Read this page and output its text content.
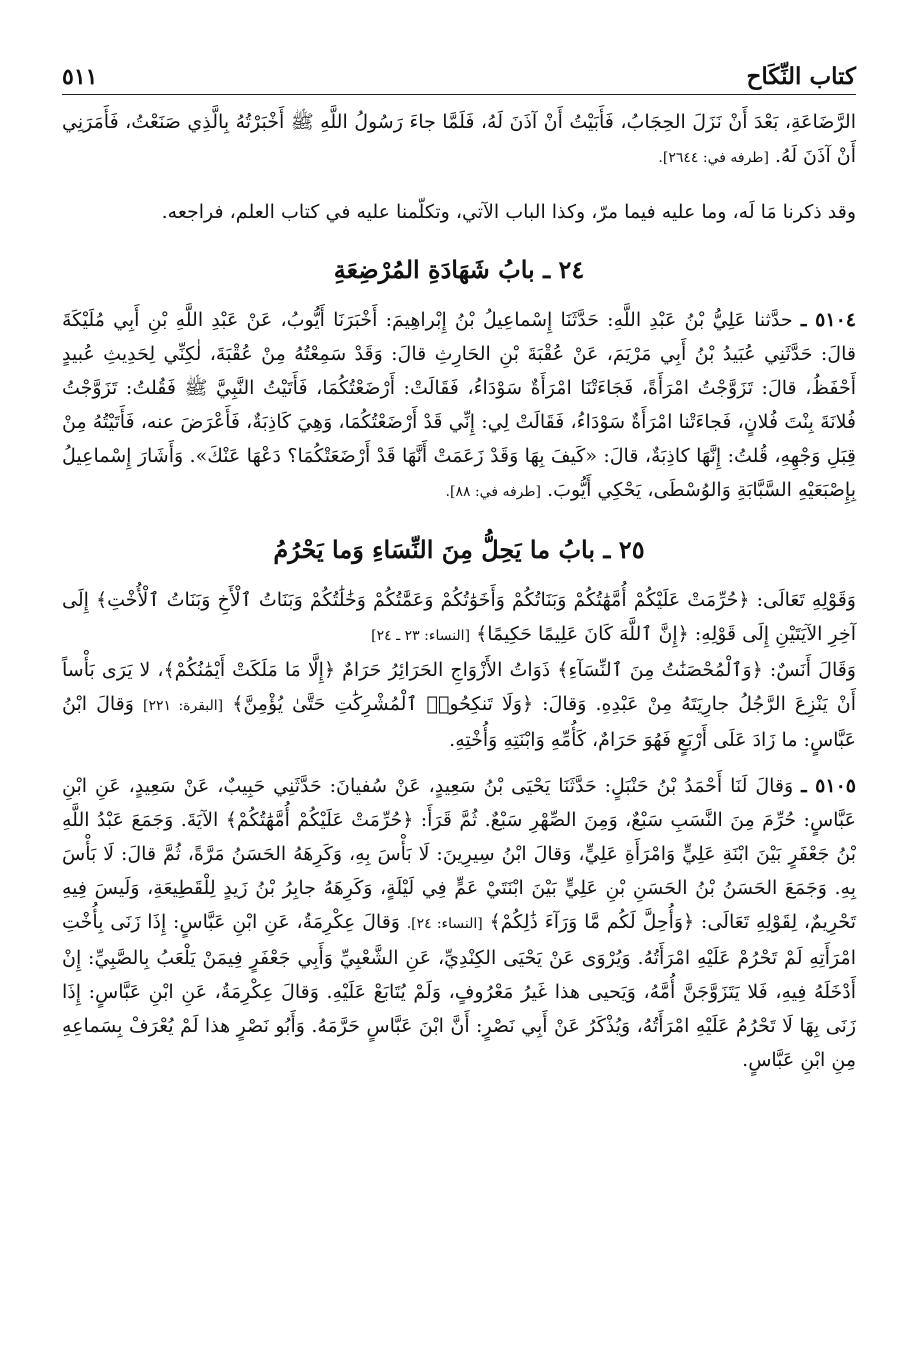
كتاب النِّكَاح
٥١١

الرَّضَاعَةِ، بَعْدَ أَنْ نَزَلَ الحِجَابُ، فَأَبَيْتُ أَنْ آذَنَ لَهُ، فَلَمَّا جاءَ رَسُولُ اللَّهِ ﷺ أَخْبَرْتُهُ بِالَّذِي صَنَعْتُ، فَأَمَرَنِي أَنْ آذَنَ لَهُ. [طرفه في: ٢٦٤٤].

وقد ذكرنا مَا لَه، وما عليه فيما مرّ، وكذا الباب الآتي، وتكلّمنا عليه في كتاب العلم، فراجعه.

٢٤ ـ بابُ شَهَادَةِ المُرْضِعَةِ

٥١٠٤ ـ حدَّثنا عَلِيُّ بْنُ عَبْدِ اللَّهِ: حَدَّثَنَا إِسْماعِيلُ بْنُ إِبْراهِيمَ: أَخْبَرَنَا أَيُّوبُ، عَنْ عَبْدِ اللَّهِ بْنِ أَبِي مُلَيْكَةَ قالَ: حَدَّثَنِي عُبَيدُ بْنُ أَبِي مَرْيَمَ، عَنْ عُقْبَةَ بْنِ الحَارِثِ قالَ: وَقَدْ سَمِعْتُهُ مِنْ عُقْبَةَ، لٰكِنِّي لِحَدِيثِ عُبيدٍ أَحْفَظُ، قالَ: تَزَوَّجْتُ امْرَأَةً، فَجَاءَتْنَا امْرَأَةٌ سَوْدَاءُ، فَقَالَتْ: أَرْضَعْتُكُمَا، فَأَتَيْتُ النَّبِيَّ ﷺ فَقُلتُ: تَزَوَّجْتُ فُلانَةَ بِنْتَ فُلانٍ، فَجاءَتْنا امْرَأَةٌ سَوْدَاءُ، فَقَالَتْ لِي: إِنِّي قَدْ أَرْضَعْتُكُمَا، وَهِيَ كَاذِبَةٌ، فَأَعْرَضَ عنه، فَأَتَيْتُهُ مِنْ قِبَلِ وَجْهِهِ، قُلتُ: إِنَّهَا كاذِبَةٌ، قالَ: «كَيفَ بِهَا وَقَدْ زَعَمَتْ أَنَّهَا قَدْ أَرْضَعَتْكُمَا؟ دَعْهَا عَنْكَ». وَأَشَارَ إِسْماعِيلُ بِإِصْبَعَيْهِ السَّبَّابَةِ وَالوُسْطَى، يَحْكِي أَيُّوبَ. [طرفه في: ٨٨].

٢٥ ـ بابُ ما يَحِلُّ مِنَ النِّسَاءِ وَما يَحْرُمُ

وَقَوْلِهِ تَعَالَى: ﴿حُرِّمَتْ عَلَيْكُمْ أُمَّهَٰتُكُمْ وَبَنَاتُكُمْ وَأَخَوَٰتُكُمْ وَعَمَّٰتُكُمْ وَخَٰلَٰتُكُمْ وَبَنَاتُ ٱلْأَخِ وَبَنَاتُ ٱلْأُخْتِ﴾ إِلَى آخِرِ الآيَتَيْنِ إِلَى قَوْلِهِ: ﴿إِنَّ ٱللَّهَ كَانَ عَلِيمًا حَكِيمًا﴾ [النساء: ٢٣ ـ ٢٤]

وَقَالَ أَنَسٌ: ﴿وَٱلْمُحْصَنَٰتُ مِنَ ٱلنِّسَآءِ﴾ ذَوَاتُ الأَزْوَاجِ الحَرَائِرُ حَرَامٌ ﴿إِلَّا مَا مَلَكَتْ أَيْمَٰنُكُمْ﴾، لا يَرَى بَأْساً أَنْ يَنْزِعَ الرَّجُلُ جارِيَتَهُ مِنْ عَبْدِهِ. وَقالَ: ﴿وَلَا تَنكِحُوا۟ ٱلْمُشْرِكَٰتِ حَتَّىٰ يُؤْمِنَّ﴾ [البقرة: ٢٢١] وَقالَ ابْنُ عَبَّاسٍ: ما زَادَ عَلَى أَرْبَعٍ فَهُوَ حَرَامٌ، كَأُمِّهِ وَابْنَتِهِ وَأُخْتِهِ.

٥١٠٥ ـ وَقالَ لَنَا أَحْمَدُ بْنُ حَنْبَلٍ: حَدَّثَنَا يَحْيَى بْنُ سَعِيدٍ، عَنْ سُفيانَ: حَدَّثَنِي حَبِيبٌ، عَنْ سَعِيدٍ، عَنِ ابْنِ عَبَّاسٍ: حُرِّمَ مِنَ النَّسَبِ سَبْعٌ، وَمِنَ الصِّهْرِ سَبْعٌ. ثُمَّ قَرَأَ: ﴿حُرِّمَتْ عَلَيْكُمْ أُمَّهَٰتُكُمْ﴾ الآيَةَ. وَجَمَعَ عَبْدُ اللَّهِ بْنُ جَعْفَرٍ بَيْنَ ابْنَةِ عَلِيٍّ وَامْرَأَةِ عَلِيٍّ، وَقالَ ابْنُ سِيرِينَ: لَا بَأْسَ بِهِ، وَكَرِهَهُ الحَسَنُ مَرَّةً، ثُمَّ قالَ: لَا بَأْسَ بِهِ. وَجَمَعَ الحَسَنُ بْنُ الحَسَنِ بْنِ عَلِيٍّ بَيْنَ ابْنَتَيْ عَمٍّ فِي لَيْلَةٍ، وَكَرِهَهُ جابِرُ بْنُ زَيدٍ لِلْقَطِيعَةِ، وَلَيسَ فِيهِ تَحْرِيمٌ، لِقَوْلِهِ تَعَالَى: ﴿وَأُحِلَّ لَكُم مَّا وَرَآءَ ذَٰلِكُمْ﴾ [النساء: ٢٤]. وَقالَ عِكْرِمَةُ، عَنِ ابْنِ عَبَّاسٍ: إِذَا زَنَى بِأُخْتِ امْرَأَتِهِ لَمْ تَحْرُمْ عَلَيْهِ امْرَأَتُهُ. وَيُرْوَى عَنْ يَحْيَى الكِنْدِيِّ، عَنِ الشَّعْبِيِّ وَأَبِي جَعْفَرٍ فِيمَنْ يَلْعَبُ بِالصَّبِيِّ: إِنْ أَدْخَلَهُ فِيهِ، فَلا يَتَزَوَّجَنَّ أُمَّهُ، وَيَحيى هذا غَيرُ مَعْرُوفٍ، وَلَمْ يُتَابَعْ عَلَيْهِ. وَقالَ عِكْرِمَةُ، عَنِ ابْنِ عَبَّاسٍ: إِذَا زَنَى بِهَا لَا تَحْرُمُ عَلَيْهِ امْرَأَتُهُ، وَيُذْكَرُ عَنْ أَبِي نَصْرٍ: أَنَّ ابْنَ عَبَّاسٍ حَرَّمَهُ. وَأَبُو نَصْرٍ هذا لَمْ يُعْرَفْ بِسَماعِهِ مِنِ ابْنِ عَبَّاسٍ.
